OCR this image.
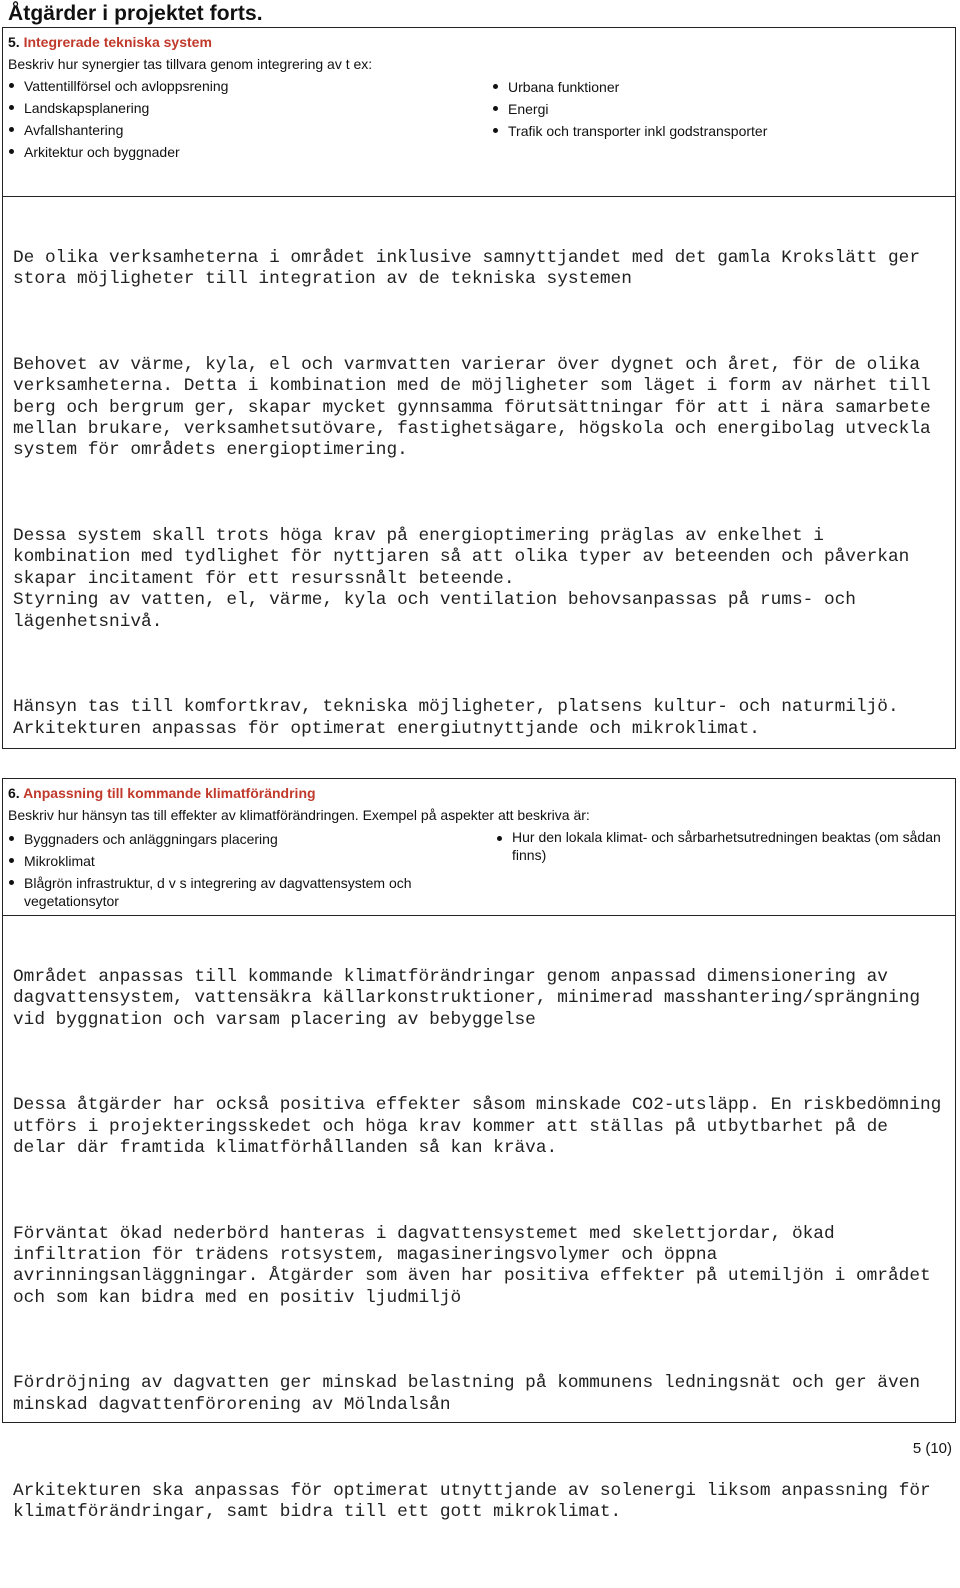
Åtgärder i projektet forts.
5. Integrerade tekniska system
Beskriv hur synergier tas tillvara genom integrering av t ex:
Vattentillförsel och avloppsrening
Landskapsplanering
Avfallshantering
Arkitektur och byggnader
Urbana funktioner
Energi
Trafik och transporter inkl godstransporter

De olika verksamheterna i området inklusive samnyttjandet med det gamla Krokslätt ger stora möjligheter till integration av de tekniska systemen

Behovet av värme, kyla, el och varmvatten varierar över dygnet och året, för de olika verksamheterna. Detta i kombination med de möjligheter som läget i form av närhet till berg och bergrum ger, skapar mycket gynnsamma förutsättningar för att i nära samarbete mellan brukare, verksamhetsutövare, fastighetsägare, högskola och energibolag utveckla system för områdets energioptimering.

Dessa system skall trots höga krav på energioptimering präglas av enkelhet i kombination med tydlighet för nyttjaren så att olika typer av beteenden och påverkan skapar incitament för ett resurssnålt beteende.
Styrning av vatten, el, värme, kyla och ventilation behovsanpassas på rums- och lägenhetsnivå.

Hänsyn tas till komfortkrav, tekniska möjligheter, platsens kultur- och naturmiljö. Arkitekturen anpassas för optimerat energiutnyttjande och mikroklimat.

6. Anpassning till kommande klimatförändring
Beskriv hur hänsyn tas till effekter av klimatförändringen. Exempel på aspekter att beskriva är:
Byggnaders och anläggningars placering
Mikroklimat
Blågrön infrastruktur, d v s integrering av dagvattensystem och vegetationsytor
Hur den lokala klimat- och sårbarhetsutredningen beaktas (om sådan finns)

Området anpassas till kommande klimatförändringar genom anpassad dimensionering av dagvattensystem, vattensäkra källarkonstruktioner, minimerad masshantering/sprängning vid byggnation och varsam placering av bebyggelse

Dessa åtgärder har också positiva effekter såsom minskade CO2-utsläpp. En riskbedömning utförs i projekteringsskedet och höga krav kommer att ställas på utbytbarhet på de delar där framtida klimatförhållanden så kan kräva.

Förväntat ökad nederbörd hanteras i dagvattensystemet med skelettjordar, ökad infiltration för trädens rotsystem, magasineringsvolymer och öppna avrinningsanläggningar. Åtgärder som även har positiva effekter på utemiljön i området och som kan bidra med en positiv ljudmiljö

Fördröjning av dagvatten ger minskad belastning på kommunens ledningsnät och ger även minskad dagvattenförorening av Mölndalsån

Arkitekturen ska anpassas för optimerat utnyttjande av solenergi liksom anpassning för klimatförändringar, samt bidra till ett gott mikroklimat.

5 (10)
